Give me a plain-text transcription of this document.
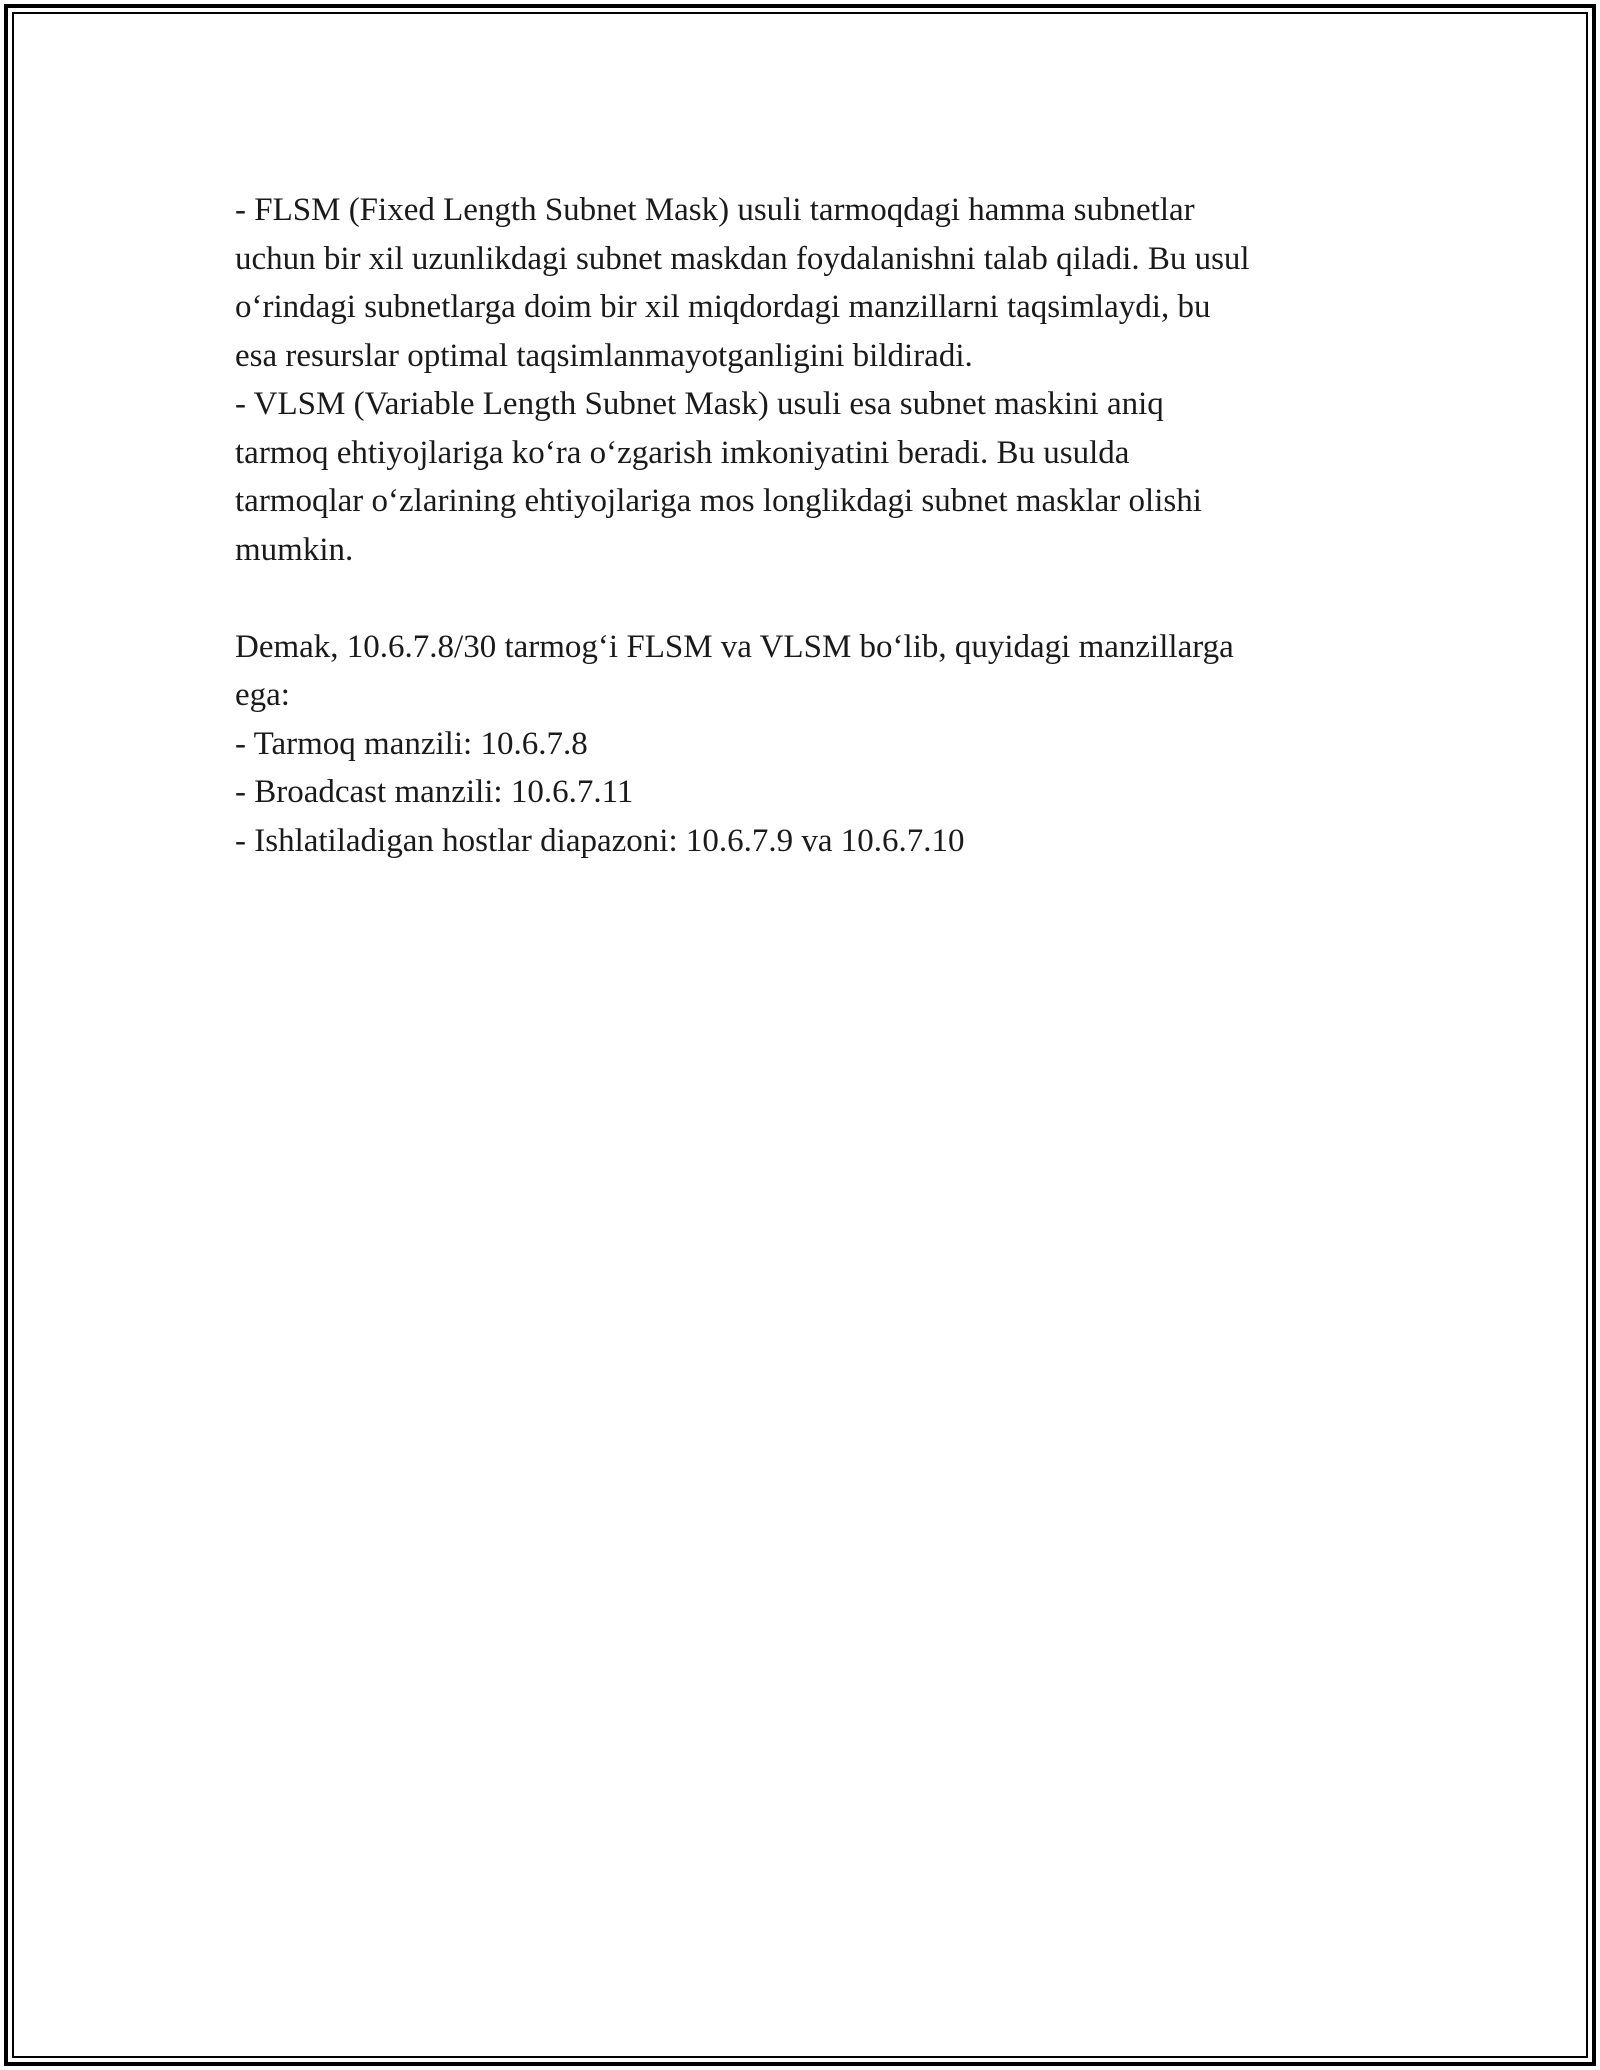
- FLSM (Fixed Length Subnet Mask) usuli tarmoqdagi hamma subnetlar
uchun bir xil uzunlikdagi subnet maskdan foydalanishni talab qiladi. Bu usul
o‘rindagi subnetlarga doim bir xil miqdordagi manzillarni taqsimlaydi, bu
esa resurslar optimal taqsimlanmayotganligini bildiradi.
- VLSM (Variable Length Subnet Mask) usuli esa subnet maskini aniq
tarmoq ehtiyojlariga ko‘ra o‘zgarish imkoniyatini beradi. Bu usulda
tarmoqlar o‘zlarining ehtiyojlariga mos longlikdagi subnet masklar olishi
mumkin.
Demak, 10.6.7.8/30 tarmog‘i FLSM va VLSM bo‘lib, quyidagi manzillarga
ega:
- Tarmoq manzili: 10.6.7.8
- Broadcast manzili: 10.6.7.11
- Ishlatiladigan hostlar diapazoni: 10.6.7.9 va 10.6.7.10
